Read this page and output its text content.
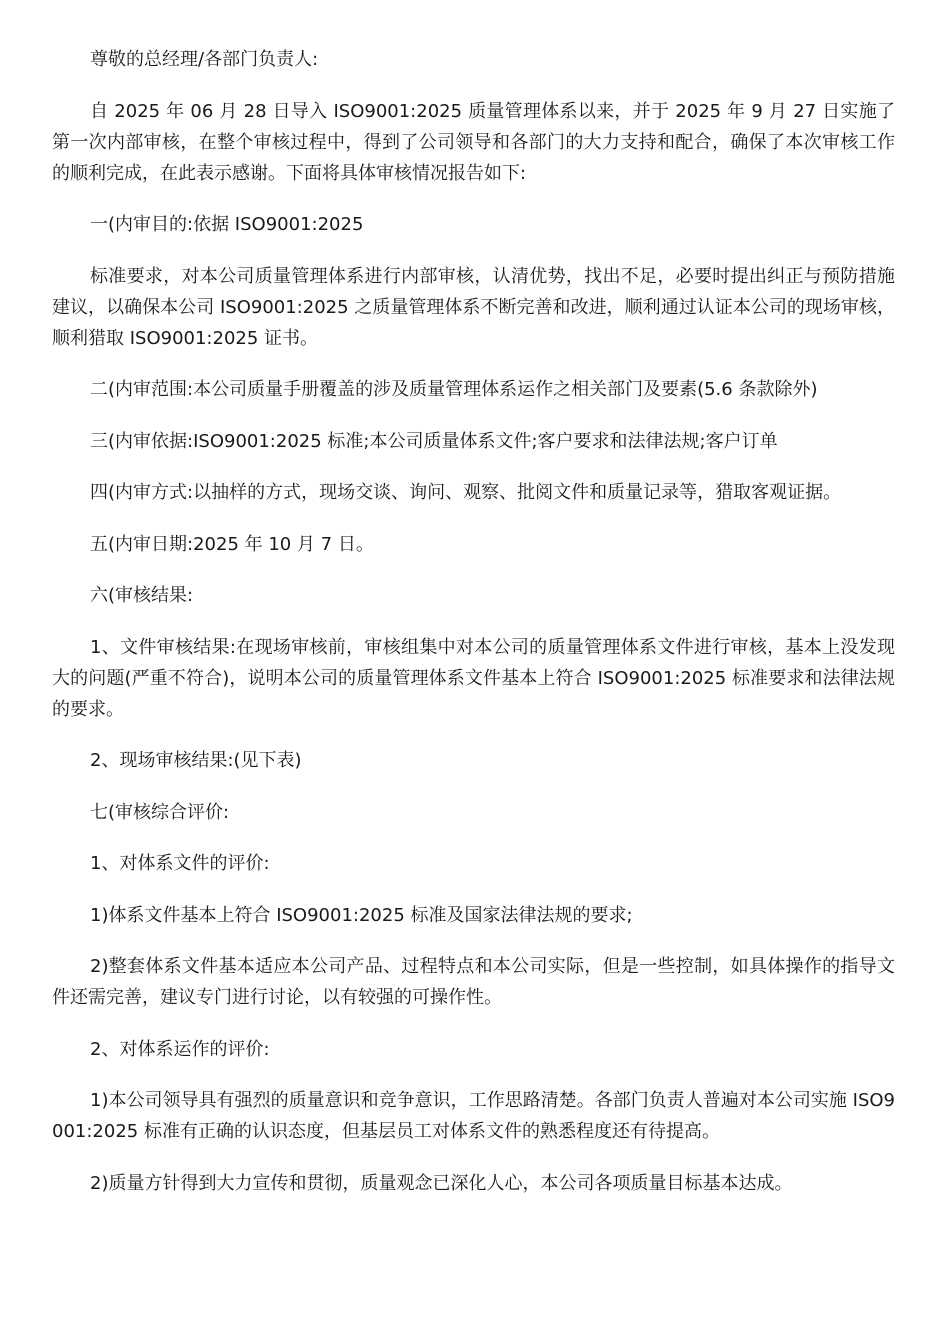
尊敬的总经理/各部门负责人:

自 2025 年 06 月 28 日导入 ISO9001:2025 质量管理体系以来，并于 2025 年 9 月 27 日实施了第一次内部审核，在整个审核过程中，得到了公司领导和各部门的大力支持和配合，确保了本次审核工作的顺利完成，在此表示感谢。下面将具体审核情况报告如下:

一(内审目的:依据 ISO9001:2025

标准要求，对本公司质量管理体系进行内部审核，认清优势，找出不足，必要时提出纠正与预防措施建议，以确保本公司 ISO9001:2025 之质量管理体系不断完善和改进，顺利通过认证本公司的现场审核，顺利猎取 ISO9001:2025 证书。

二(内审范围:本公司质量手册覆盖的涉及质量管理体系运作之相关部门及要素(5.6 条款除外)

三(内审依据:ISO9001:2025 标准;本公司质量体系文件;客户要求和法律法规;客户订单

四(内审方式:以抽样的方式，现场交谈、询问、观察、批阅文件和质量记录等，猎取客观证据。

五(内审日期:2025 年 10 月 7 日。

六(审核结果:

1、文件审核结果:在现场审核前，审核组集中对本公司的质量管理体系文件进行审核，基本上没发现大的问题(严重不符合)，说明本公司的质量管理体系文件基本上符合 ISO9001:2025 标准要求和法律法规的要求。

2、现场审核结果:(见下表)

七(审核综合评价:

1、对体系文件的评价:

1)体系文件基本上符合 ISO9001:2025 标准及国家法律法规的要求;

2)整套体系文件基本适应本公司产品、过程特点和本公司实际，但是一些控制，如具体操作的指导文件还需完善，建议专门进行讨论，以有较强的可操作性。

2、对体系运作的评价:

1)本公司领导具有强烈的质量意识和竞争意识，工作思路清楚。各部门负责人普遍对本公司实施 ISO9001:2025 标准有正确的认识态度，但基层员工对体系文件的熟悉程度还有待提高。

2)质量方针得到大力宣传和贯彻，质量观念已深化人心，本公司各项质量目标基本达成。
